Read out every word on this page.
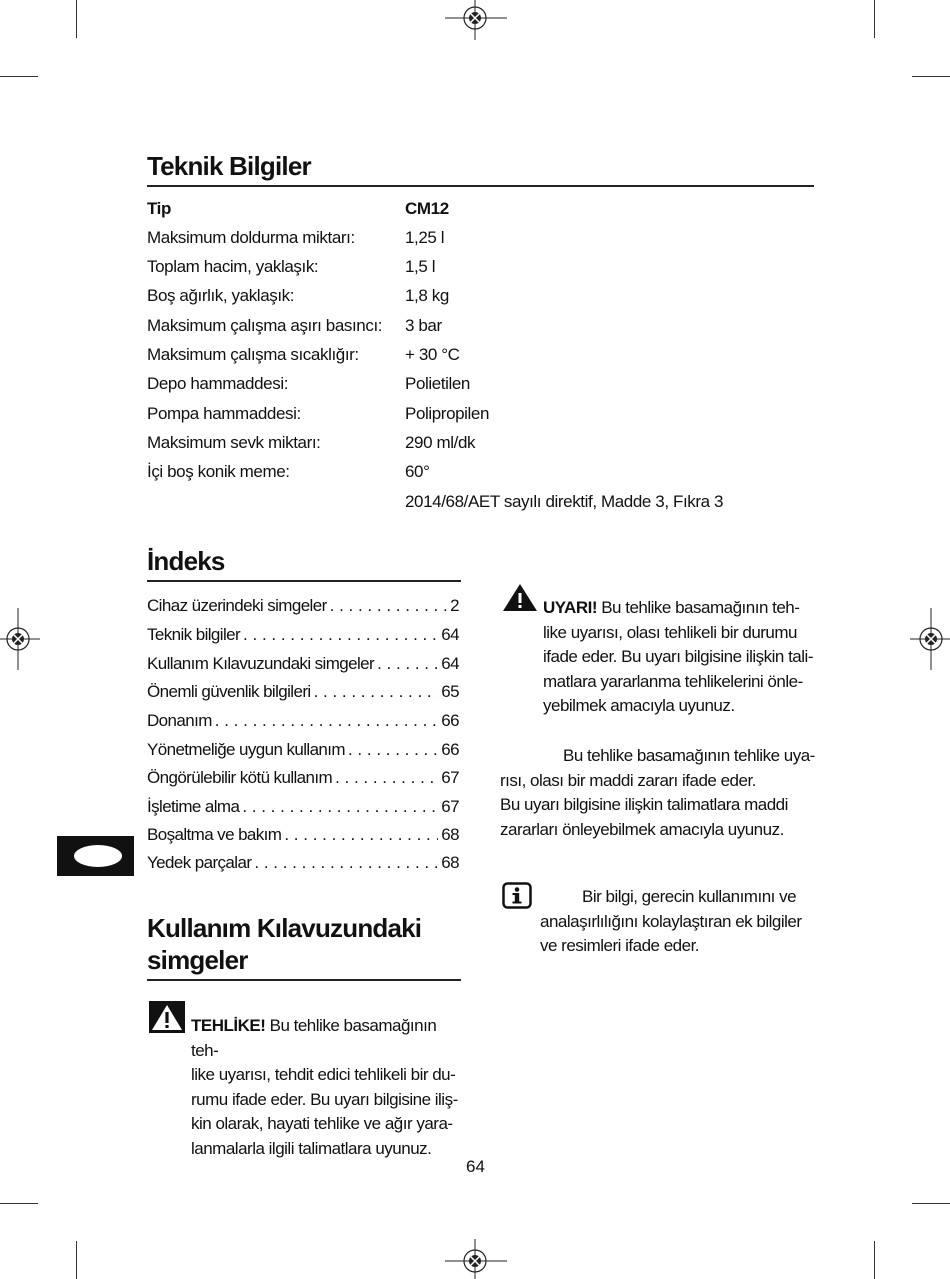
Teknik Bilgiler
Tip	CM12
Maksimum doldurma miktarı:	1,25 l
Toplam hacim, yaklaşık:	1,5 l
Boş ağırlık, yaklaşık:	1,8 kg
Maksimum çalışma aşırı basıncı: 3 bar
Maksimum çalışma sıcaklığır:	+ 30 °C
Depo hammaddesi:	Polietilen
Pompa hammaddesi:	Polipropilen
Maksimum sevk miktarı:	290 ml/dk
İçi boş konik meme:	60°
2014/68/AET sayılı direktif, Madde 3, Fıkra 3
İndeks
Cihaz üzerindeki simgeler . . .	2
Teknik bilgiler . . .	64
Kullanım Kılavuzundaki simgeler . . .	64
Önemli güvenlik bilgileri . . .	65
Donanım . . .	66
Yönetmeliğe uygun kullanım . . .	66
Öngörülebilir kötü kullanım . . .	67
İşletime alma . . .	67
Boşaltma ve bakım . . .	68
Yedek parçalar . . .	68
Kullanım Kılavuzundaki
simgeler
TEHLİKE! Bu tehlike basamağının teh-
like uyarısı, tehdit edici tehlikeli bir du-
rumu ifade eder. Bu uyarı bilgisine iliş-
kin olarak, hayati tehlike ve ağır yara-
lanmalarla ilgili talimatlara uyunuz.
UYARI! Bu tehlike basamağının teh-
like uyarısı, olası tehlikeli bir durumu
ifade eder. Bu uyarı bilgisine ilişkin tali-
matlara yararlanma tehlikelerini önle-
yebilmek amacıyla uyunuz.
Bu tehlike basamağının tehlike uya-
rısı, olası bir maddi zararı ifade eder.
Bu uyarı bilgisine ilişkin talimatlara maddi
zararları önleyebilmek amacıyla uyunuz.
Bir bilgi, gerecin kullanımını ve
analaşırlılığını kolaylaştıran ek bilgiler
ve resimleri ifade eder.
64
